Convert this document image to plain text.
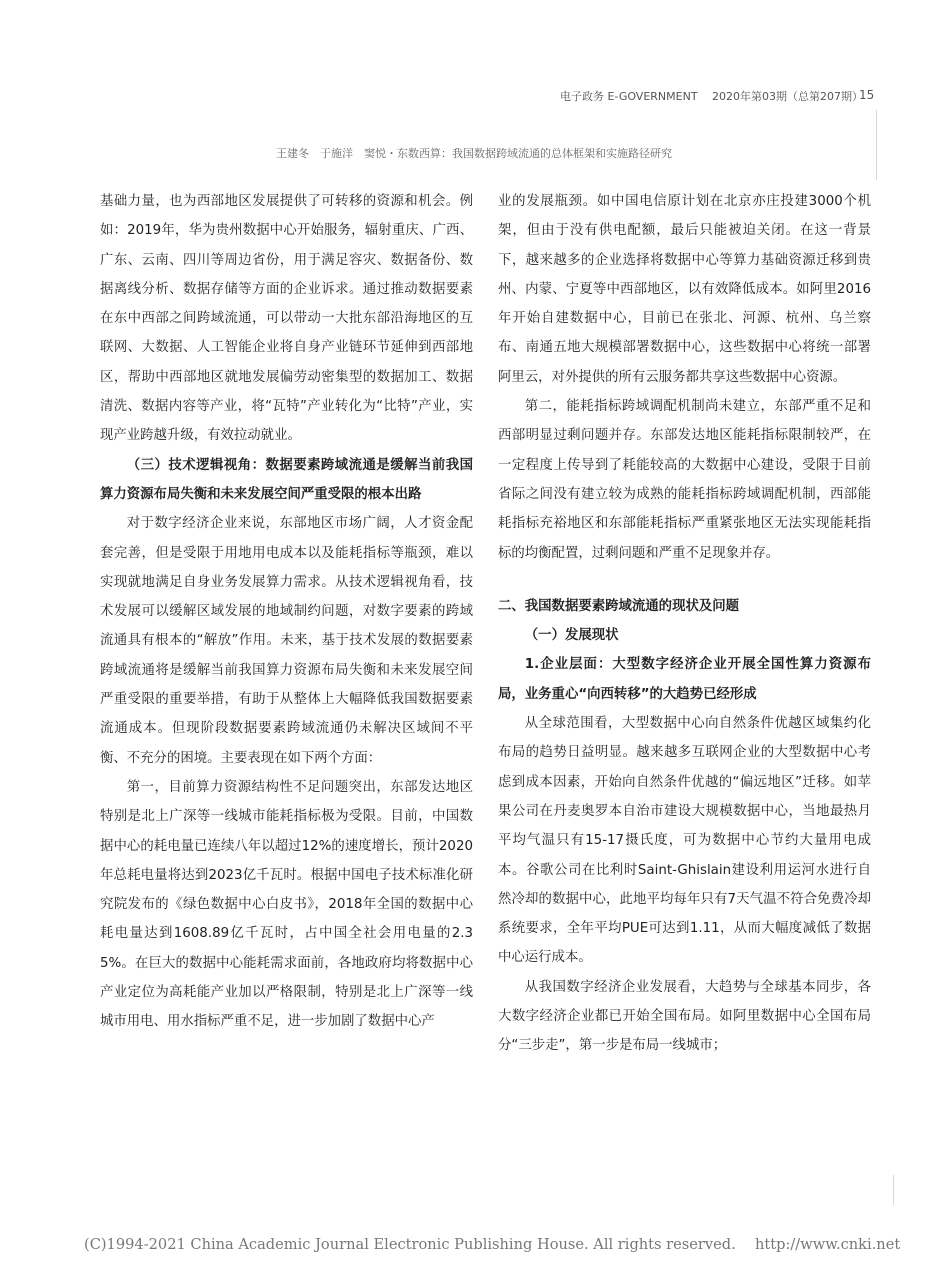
电子政务 E-GOVERNMENT　 2020年第03期（总第207期）
15
王建冬　于施洋　窦悦・东数西算：我国数据跨域流通的总体框架和实施路径研究

基础力量，也为西部地区发展提供了可转移的资源和机会。例如：2019年，华为贵州数据中心开始服务，辐射重庆、广西、广东、云南、四川等周边省份，用于满足容灾、数据备份、数据离线分析、数据存储等方面的企业诉求。通过推动数据要素在东中西部之间跨域流通，可以带动一大批东部沿海地区的互联网、大数据、人工智能企业将自身产业链环节延伸到西部地区，帮助中西部地区就地发展偏劳动密集型的数据加工、数据清洗、数据内容等产业，将“瓦特”产业转化为“比特”产业，实现产业跨越升级，有效拉动就业。

（三）技术逻辑视角：数据要素跨域流通是缓解当前我国算力资源布局失衡和未来发展空间严重受限的根本出路

对于数字经济企业来说，东部地区市场广阔，人才资金配套完善，但是受限于用地用电成本以及能耗指标等瓶颈，难以实现就地满足自身业务发展算力需求。从技术逻辑视角看，技术发展可以缓解区域发展的地域制约问题，对数字要素的跨域流通具有根本的“解放”作用。未来，基于技术发展的数据要素跨域流通将是缓解当前我国算力资源布局失衡和未来发展空间严重受限的重要举措，有助于从整体上大幅降低我国数据要素流通成本。但现阶段数据要素跨域流通仍未解决区域间不平衡、不充分的困境。主要表现在如下两个方面：

第一，目前算力资源结构性不足问题突出，东部发达地区特别是北上广深等一线城市能耗指标极为受限。目前，中国数据中心的耗电量已连续八年以超过12%的速度增长，预计2020年总耗电量将达到2023亿千瓦时。根据中国电子技术标准化研究院发布的《绿色数据中心白皮书》，2018年全国的数据中心耗电量达到1608.89亿千瓦时，占中国全社会用电量的2.35%。在巨大的数据中心能耗需求面前，各地政府均将数据中心产业定位为高耗能产业加以严格限制，特别是北上广深等一线城市用电、用水指标严重不足，进一步加剧了数据中心产

业的发展瓶颈。如中国电信原计划在北京亦庄投建3000个机架，但由于没有供电配额，最后只能被迫关闭。在这一背景下，越来越多的企业选择将数据中心等算力基础资源迁移到贵州、内蒙、宁夏等中西部地区，以有效降低成本。如阿里2016年开始自建数据中心，目前已在张北、河源、杭州、乌兰察布、南通五地大规模部署数据中心，这些数据中心将统一部署阿里云，对外提供的所有云服务都共享这些数据中心资源。

第二，能耗指标跨域调配机制尚未建立，东部严重不足和西部明显过剩问题并存。东部发达地区能耗指标限制较严，在一定程度上传导到了耗能较高的大数据中心建设，受限于目前省际之间没有建立较为成熟的能耗指标跨域调配机制，西部能耗指标充裕地区和东部能耗指标严重紧张地区无法实现能耗指标的均衡配置，过剩问题和严重不足现象并存。

二、我国数据要素跨域流通的现状及问题

（一）发展现状

1.企业层面：大型数字经济企业开展全国性算力资源布局，业务重心“向西转移”的大趋势已经形成

从全球范围看，大型数据中心向自然条件优越区域集约化布局的趋势日益明显。越来越多互联网企业的大型数据中心考虑到成本因素，开始向自然条件优越的“偏远地区”迁移。如苹果公司在丹麦奥罗本自治市建设大规模数据中心，当地最热月平均气温只有15-17摄氏度，可为数据中心节约大量用电成本。谷歌公司在比利时Saint-Ghislain建设利用运河水进行自然冷却的数据中心，此地平均每年只有7天气温不符合免费冷却系统要求，全年平均PUE可达到1.11，从而大幅度减低了数据中心运行成本。

从我国数字经济企业发展看，大趋势与全球基本同步，各大数字经济企业都已开始全国布局。如阿里数据中心全国布局分“三步走”，第一步是布局一线城市；

(C)1994-2021 China Academic Journal Electronic Publishing House. All rights reserved.　 http://www.cnki.net
